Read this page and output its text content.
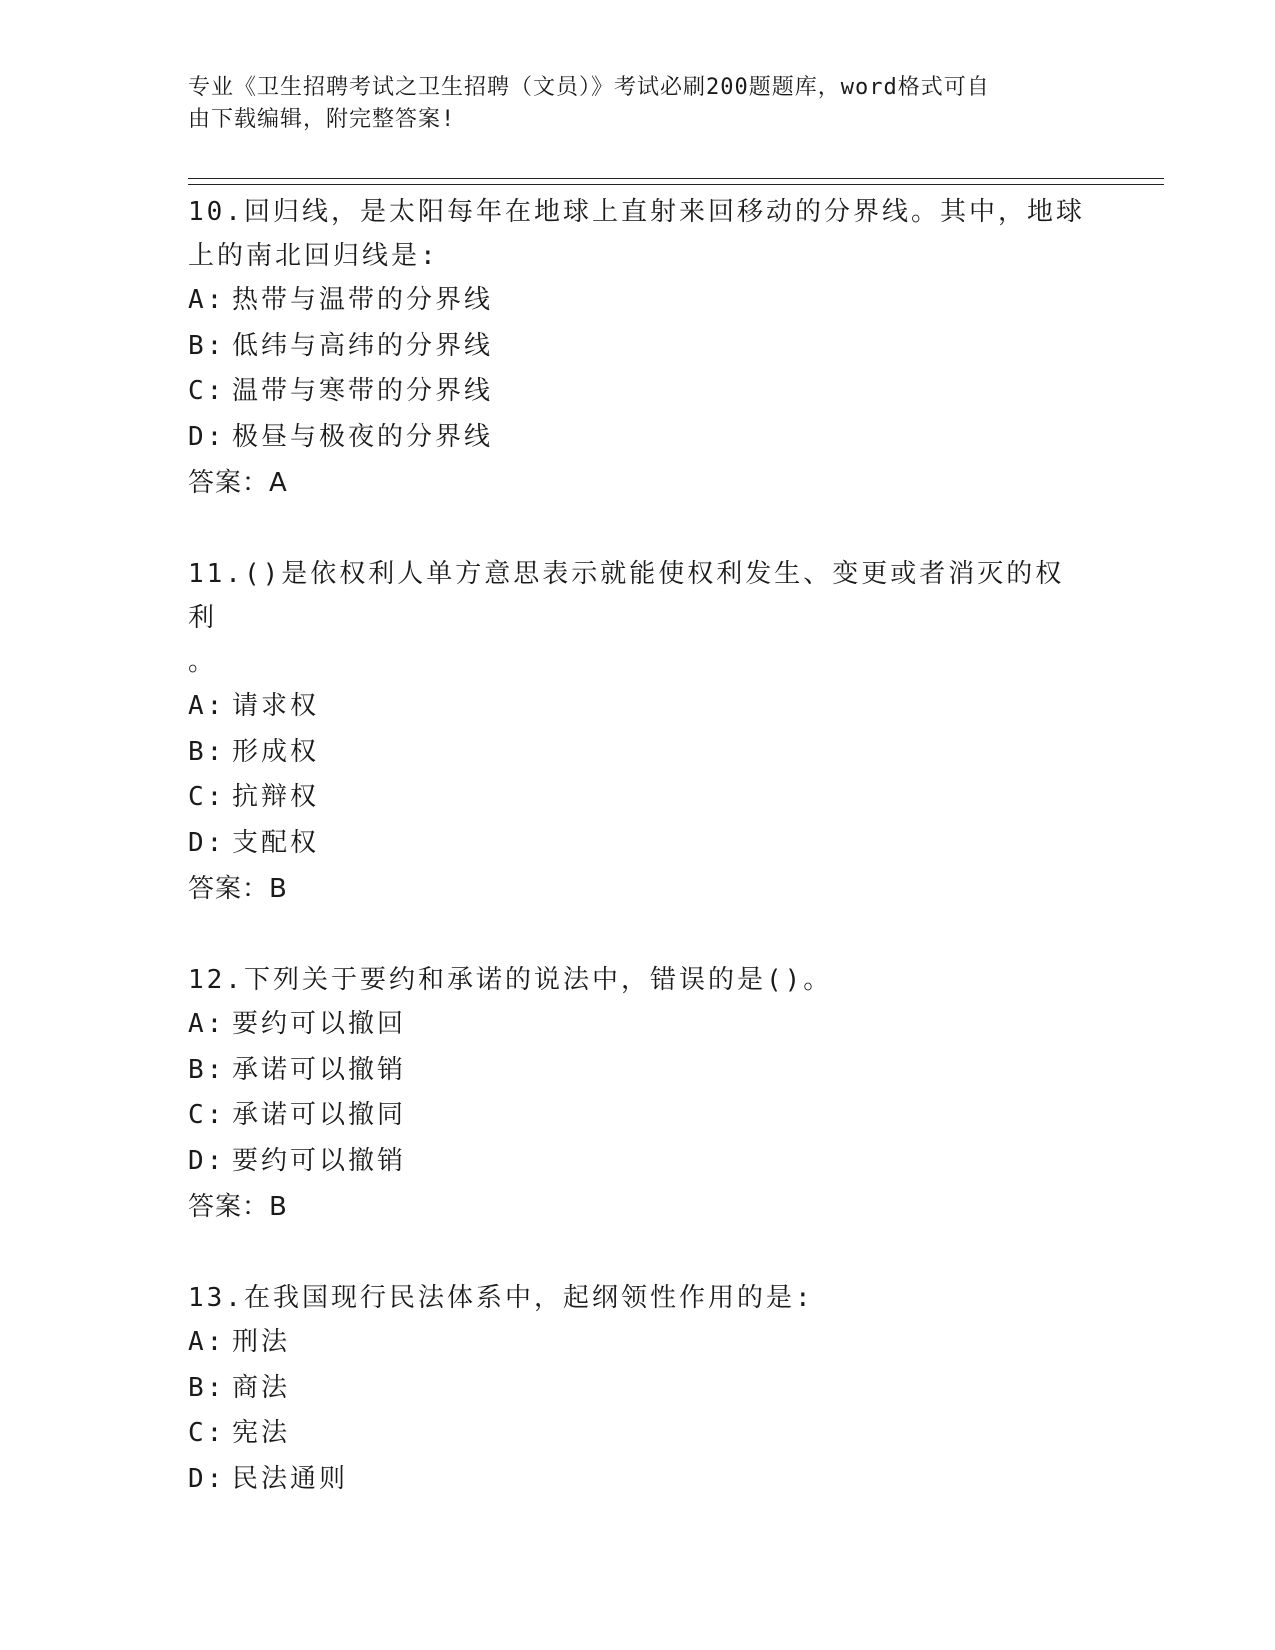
专业《卫生招聘考试之卫生招聘（文员）》考试必刷200题题库，word格式可自
由下载编辑，附完整答案!
10.回归线，是太阳每年在地球上直射来回移动的分界线。其中，地球
上的南北回归线是:
A: 热带与温带的分界线
B: 低纬与高纬的分界线
C: 温带与寒带的分界线
D: 极昼与极夜的分界线
答案：A
11.()是依权利人单方意思表示就能使权利发生、变更或者消灭的权利
。
A: 请求权
B: 形成权
C: 抗辩权
D: 支配权
答案：B
12.下列关于要约和承诺的说法中，错误的是()。
A: 要约可以撤回
B: 承诺可以撤销
C: 承诺可以撤同
D: 要约可以撤销
答案：B
13.在我国现行民法体系中，起纲领性作用的是:
A: 刑法
B: 商法
C: 宪法
D: 民法通则
